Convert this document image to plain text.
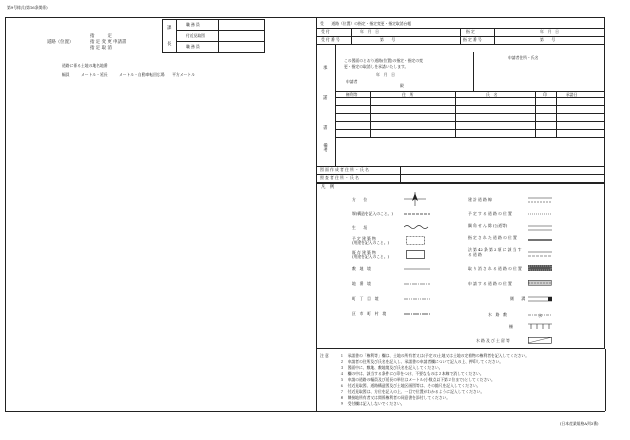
第9号様式(第16条関係)
指　　　定
道路（位置）	指 定 変 更 申請書
指 定 取 消
課
長
職 務 員
付近見取図
職 務 員
道路に係る土地の地名地番
幅員　　　メートル・延長　　　メートル・自動車転回広場　　平方メートル
受　　道路（位置）の指定・指定変更・指定取消台帳
受 付	年　月　日	指 定	年　月　日
受 付 番 号	第　　号	指 定 番 号	第　　号
承
諾
書
この図面のとおり道路(位置)の指定・指定の変
更・指定の取消しを承諾いたします。
年　月　日
申請者
殿
申請者住所・氏名
権利等	住　所	氏　名	印	承諾日
備考
図 面 作 成 者 住 所 ・ 氏 名
照 査 者 住 所 ・ 氏 名
凡　例
方　　位
塀(構造を記入のこと。)
生　　垣
予 定 建 築 物
(用途を記入のこと。)
既 存 建 築 物
(用途を記入のこと。)
敷　地　境
地　番　境
町　丁　目　境
区　市　町　村　境
建 計 道 路 線
予 定 す る 道 路 の 位 置
隅 角 せ ん 除 (公道等)
指 定 さ れ た 道 路 の 位 置
法 第 42 条 第 2 項 に 該 当 す る 道 路
取 り 消 さ れ る 道 路 の 位 置
申 請 す る 道 路 の 位 置
側　　溝
水　路　敷	水
柵
水 路 及 び 土 留 等
注 意	１　承諾書の「権利等」欄は、土地の所有者又は(予定の)土地又は土地の定着物の権利者を記入してください。
２　申請者の住所及び氏名を記入し、承諾書の申請者欄について記入の上、押印してください。
３　図面中に、敷地、敷地境及び氏名を記入してください。
４　欄の中は、該当する条件に○印をつけ、不要なものは２本線で消してください。
５　申請の道路の幅員及び延長の単位はメートル(小数点以下第２位まで)としてください。
６　付近見取図、道路構造図及び土地区画図等は、その縮尺を記入してください。
７　付近見取図は、方位を記入の上、一目で位置がわかるように記入してください。
８　隣接地所有者又は関係権利者の同意書を添付してください。
９　受付欄は記入しないでください。
(日本産業規格A列3番)
